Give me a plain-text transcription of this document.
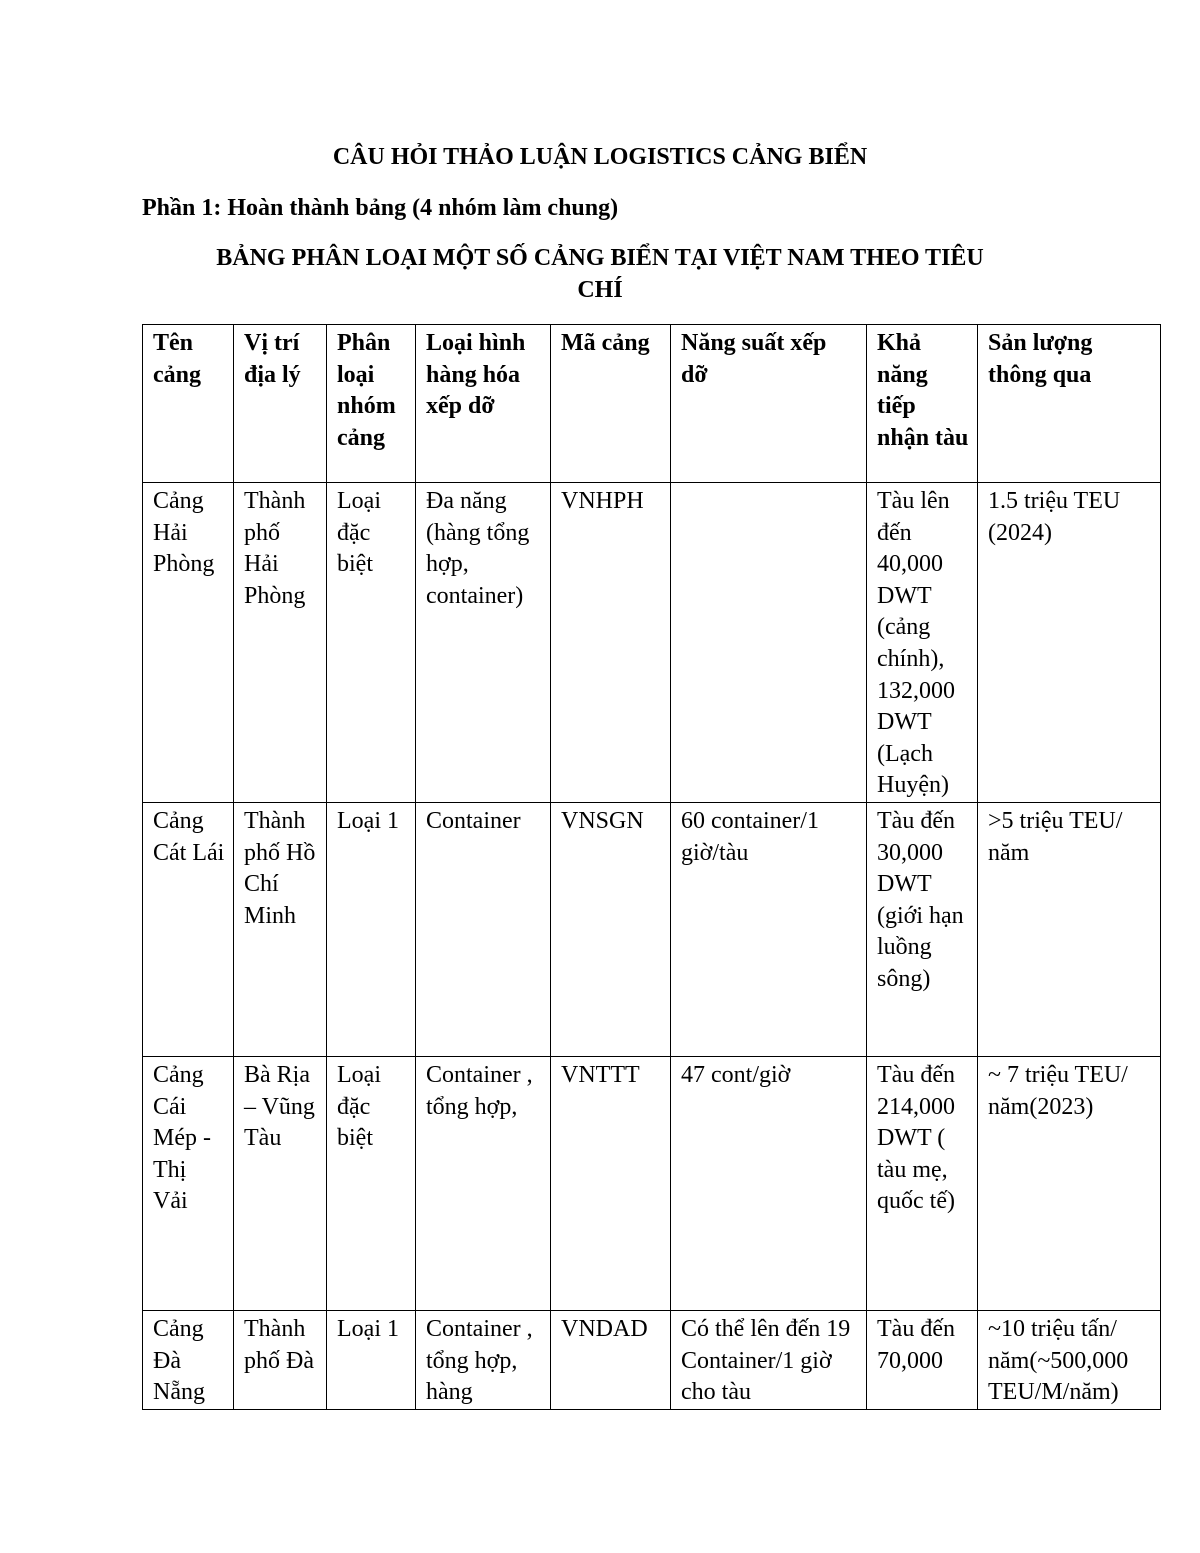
CÂU HỎI THẢO LUẬN LOGISTICS CẢNG BIỂN
Phần 1: Hoàn thành bảng (4 nhóm làm chung)
BẢNG PHÂN LOẠI MỘT SỐ CẢNG BIỂN TẠI VIỆT NAM THEO TIÊU
CHÍ
Tên cảng	Vị trí địa lý	Phân loại nhóm cảng	Loại hình hàng hóa xếp dỡ	Mã cảng	Năng suất xếp dỡ	Khả năng tiếp nhận tàu	Sản lượng thông qua
Cảng Hải Phòng	Thành phố Hải Phòng	Loại đặc biệt	Đa năng (hàng tổng hợp, container)	VNHPH		Tàu lên đến 40,000 DWT (cảng chính), 132,000 DWT (Lạch Huyện)	1.5 triệu TEU (2024)
Cảng Cát Lái	Thành phố Hồ Chí Minh	Loại 1	Container	VNSGN	60 container/1 giờ/tàu	Tàu đến 30,000 DWT (giới hạn luồng sông)	>5 triệu TEU/ năm
Cảng Cái Mép - Thị Vải	Bà Rịa – Vũng Tàu	Loại đặc biệt	Container , tổng hợp,	VNTTT	47 cont/giờ	Tàu đến 214,000 DWT ( tàu mẹ, quốc tế)	~ 7 triệu TEU/ năm(2023)
Cảng Đà Nẵng	Thành phố Đà	Loại 1	Container , tổng hợp, hàng	VNDAD	Có thể lên đến 19 Container/1 giờ cho tàu	Tàu đến 70,000	~10 triệu tấn/ năm(~500,000 TEU/M/năm)
